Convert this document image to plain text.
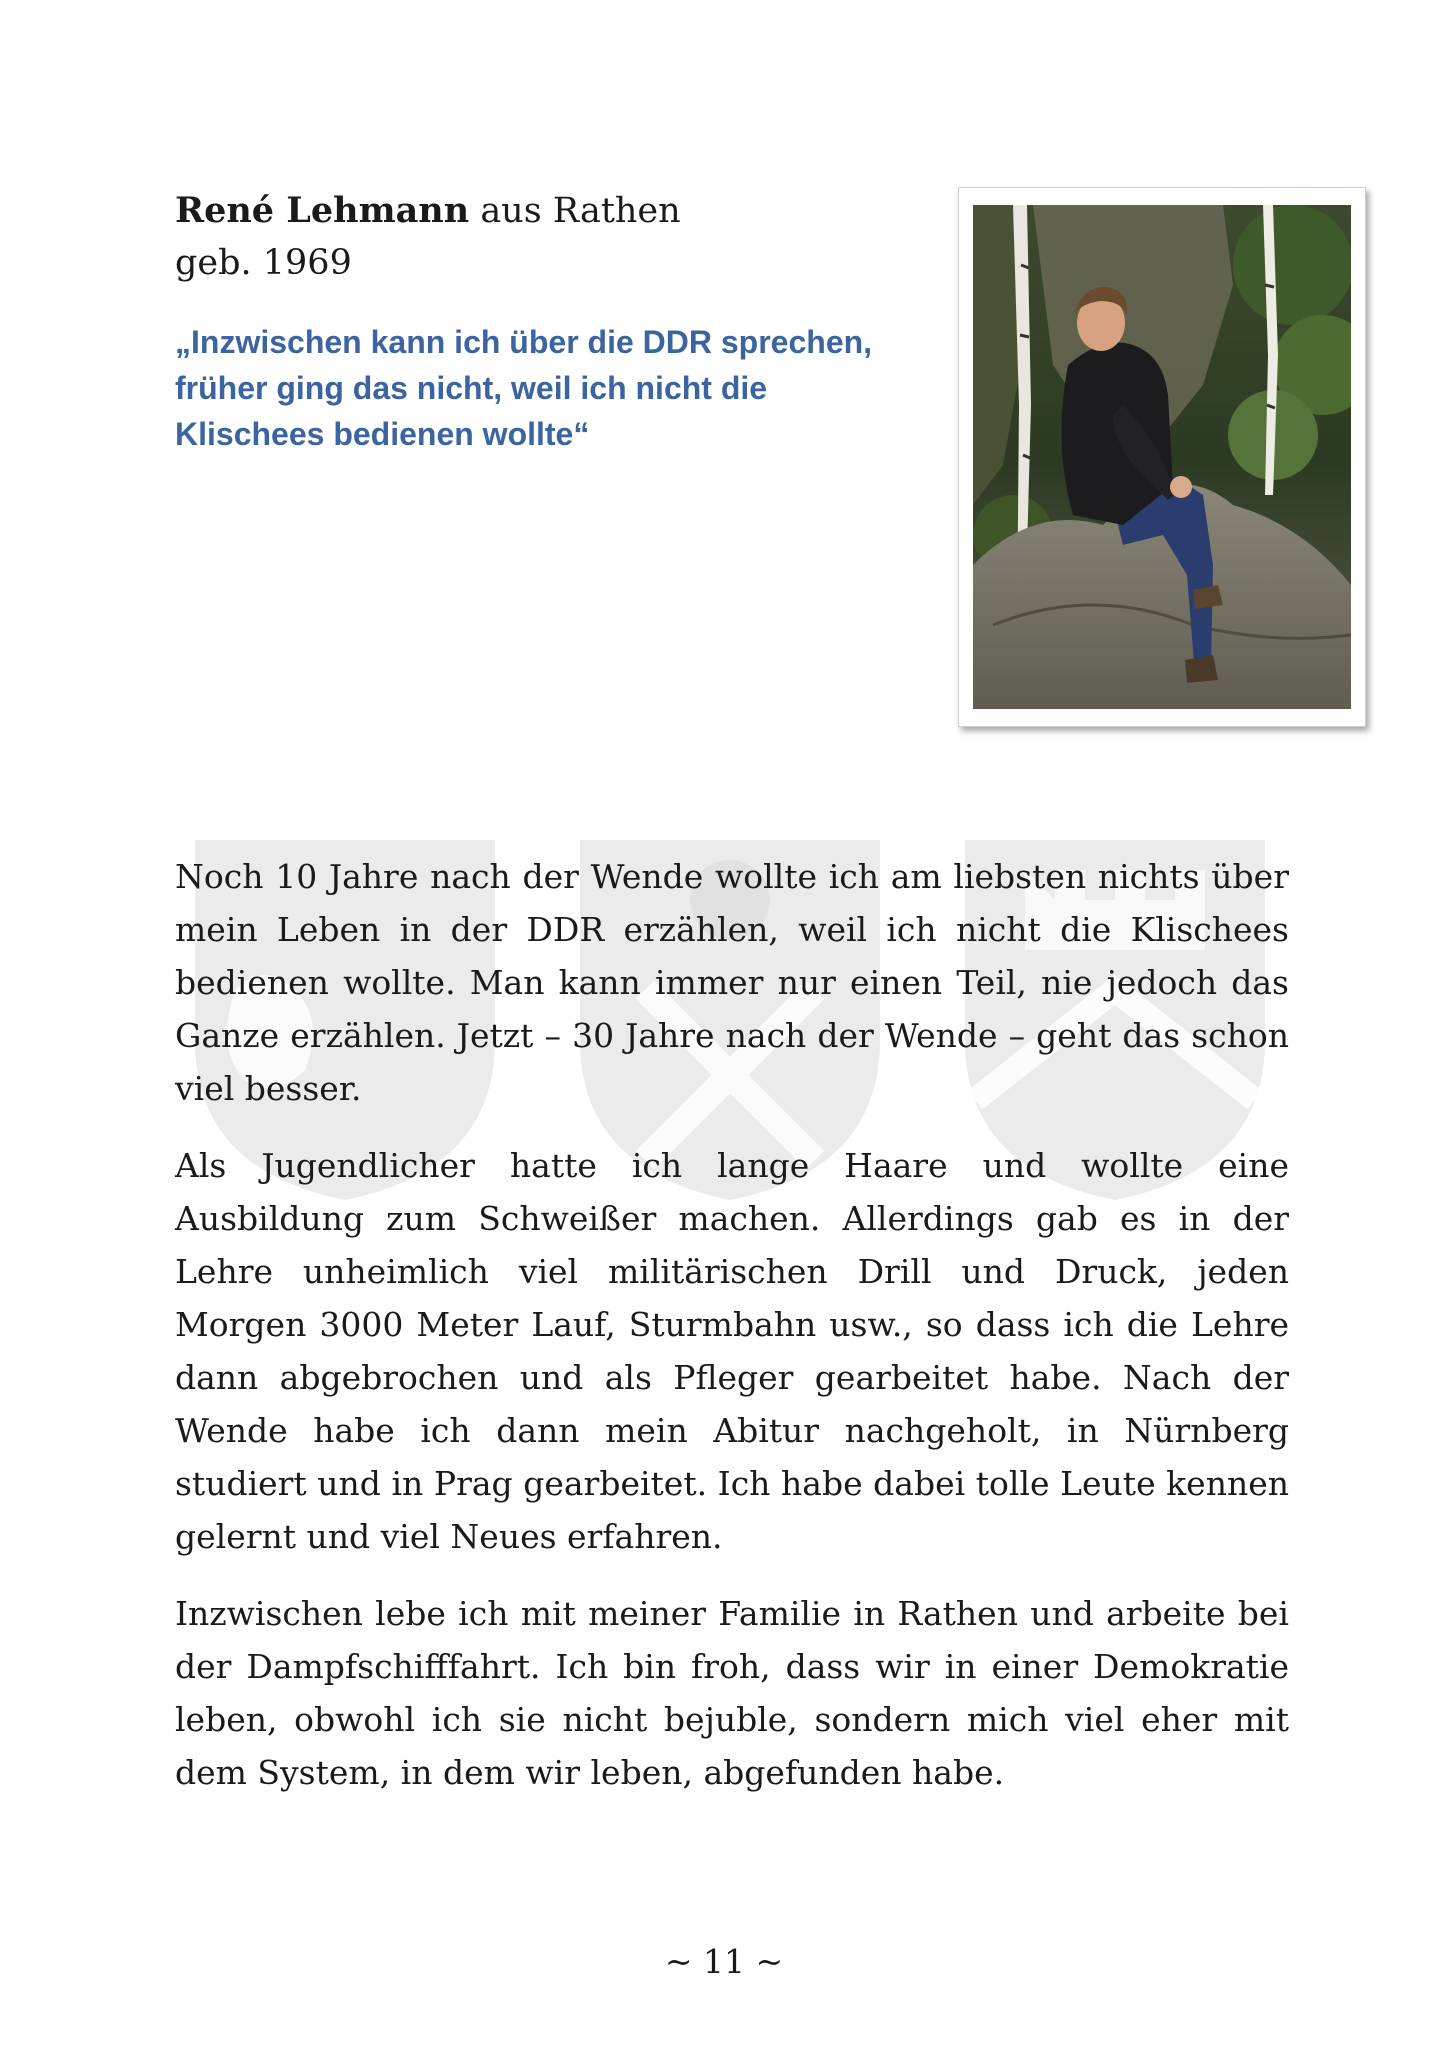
René Lehmann aus Rathen

geb. 1969

„Inzwischen kann ich über die DDR sprechen, früher ging das nicht, weil ich nicht die Klischees bedienen wollte“

Noch 10 Jahre nach der Wende wollte ich am liebsten nichts über mein Leben in der DDR erzählen, weil ich nicht die Klischees bedienen wollte. Man kann immer nur einen Teil, nie jedoch das Ganze erzählen. Jetzt – 30 Jahre nach der Wende – geht das schon viel besser.

Als Jugendlicher hatte ich lange Haare und wollte eine Ausbildung zum Schweißer machen. Allerdings gab es in der Lehre unheimlich viel militärischen Drill und Druck, jeden Morgen 3000 Meter Lauf, Sturmbahn usw., so dass ich die Lehre dann abgebrochen und als Pfleger gearbeitet habe. Nach der Wende habe ich dann mein Abitur nachgeholt, in Nürnberg studiert und in Prag gearbeitet. Ich habe dabei tolle Leute kennen gelernt und viel Neues erfahren.

Inzwischen lebe ich mit meiner Familie in Rathen und arbeite bei der Dampfschifffahrt. Ich bin froh, dass wir in einer Demokratie leben, obwohl ich sie nicht bejuble, sondern mich viel eher mit dem System, in dem wir leben, abgefunden habe.

~ 11 ~
